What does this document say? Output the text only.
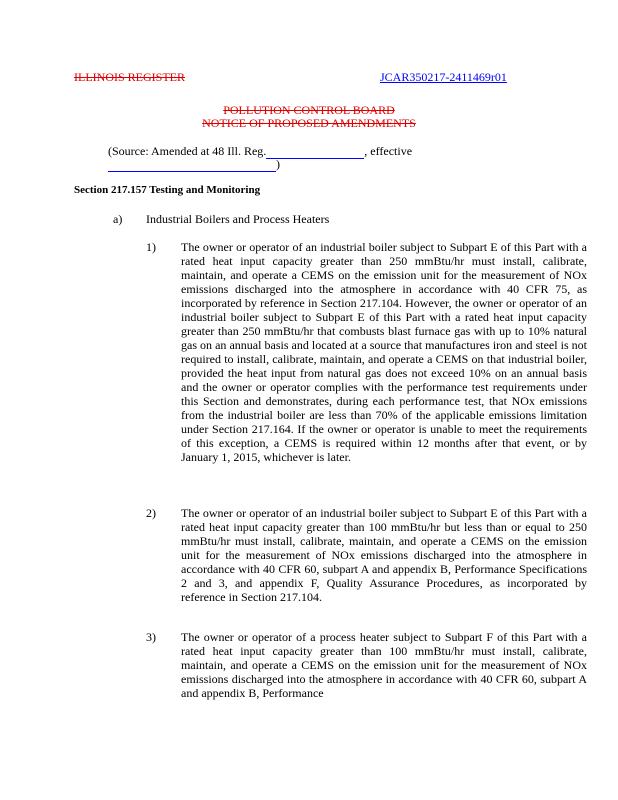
ILLINOIS REGISTER	JCAR350217-2411469r01
POLLUTION CONTROL BOARD
NOTICE OF PROPOSED AMENDMENTS
(Source: Amended at 48 Ill. Reg.	, effective
)
Section 217.157 Testing and Monitoring
a) Industrial Boilers and Process Heaters
1) The owner or operator of an industrial boiler subject to Subpart E of this Part with a rated heat input capacity greater than 250 mmBtu/hr must install, calibrate, maintain, and operate a CEMS on the emission unit for the measurement of NOx emissions discharged into the atmosphere in accordance with 40 CFR 75, as incorporated by reference in Section 217.104. However, the owner or operator of an industrial boiler subject to Subpart E of this Part with a rated heat input capacity greater than 250 mmBtu/hr that combusts blast furnace gas with up to 10% natural gas on an annual basis and located at a source that manufactures iron and steel is not required to install, calibrate, maintain, and operate a CEMS on that industrial boiler, provided the heat input from natural gas does not exceed 10% on an annual basis and the owner or operator complies with the performance test requirements under this Section and demonstrates, during each performance test, that NOx emissions from the industrial boiler are less than 70% of the applicable emissions limitation under Section 217.164. If the owner or operator is unable to meet the requirements of this exception, a CEMS is required within 12 months after that event, or by January 1, 2015, whichever is later.
2) The owner or operator of an industrial boiler subject to Subpart E of this Part with a rated heat input capacity greater than 100 mmBtu/hr but less than or equal to 250 mmBtu/hr must install, calibrate, maintain, and operate a CEMS on the emission unit for the measurement of NOx emissions discharged into the atmosphere in accordance with 40 CFR 60, subpart A and appendix B, Performance Specifications 2 and 3, and appendix F, Quality Assurance Procedures, as incorporated by reference in Section 217.104.
3) The owner or operator of a process heater subject to Subpart F of this Part with a rated heat input capacity greater than 100 mmBtu/hr must install, calibrate, maintain, and operate a CEMS on the emission unit for the measurement of NOx emissions discharged into the atmosphere in accordance with 40 CFR 60, subpart A and appendix B, Performance
